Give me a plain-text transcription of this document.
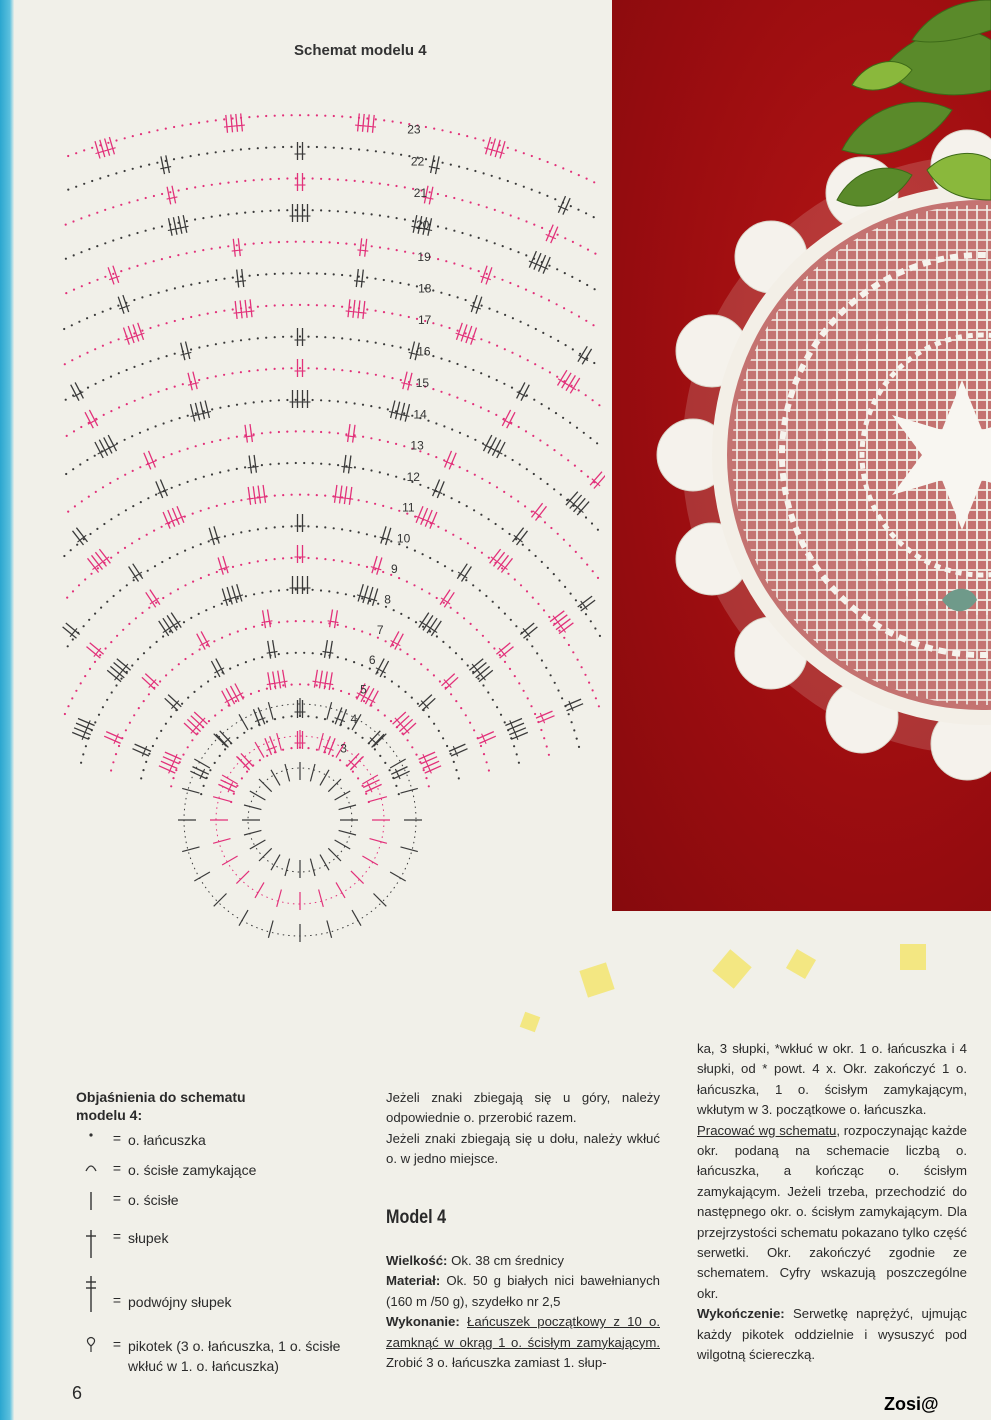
Schemat modelu 4
3
4
5
6
7
8
9
10
11
12
13
14
15
16
17
18
19
20
21
22
23
Objaśnienia do schematu modelu 4:
= o. łańcuszka
= o. ścisłe zamykające
= o. ścisłe
= słupek
= podwójny słupek
= pikotek (3 o. łańcuszka, 1 o. ścisłe wkłuć w 1. o. łańcuszka)
6

Jeżeli znaki zbiegają się u góry, należy odpowiednie o. przerobić razem.

Jeżeli znaki zbiegają się u dołu, należy wkłuć o. w jedno miejsce.

Model 4

Wielkość: Ok. 38 cm średnicy

Materiał: Ok. 50 g białych nici bawełnianych (160 m /50 g), szydełko nr 2,5

Wykonanie: Łańcuszek początkowy z 10 o. zamknąć w okrąg 1 o. ścisłym zamykającym. Zrobić 3 o. łańcuszka zamiast 1. słup-

ka, 3 słupki, *wkłuć w okr. 1 o. łańcuszka i 4 słupki, od * powt. 4 x. Okr. zakończyć 1 o. łańcuszka, 1 o. ścisłym zamykającym, wkłutym w 3. początkowe o. łańcuszka.

Pracować wg schematu, rozpoczynając każde okr. podaną na schemacie liczbą o. łańcuszka, a kończąc o. ścisłym zamykającym. Jeżeli trzeba, przechodzić do następnego okr. o. ścisłym zamykającym. Dla przejrzystości schematu pokazano tylko część serwetki. Okr. zakończyć zgodnie ze schematem. Cyfry wskazują poszczególne okr.

Wykończenie: Serwetkę naprężyć, ujmując każdy pikotek oddzielnie i wysuszyć pod wilgotną ściereczką.

Zosi@
